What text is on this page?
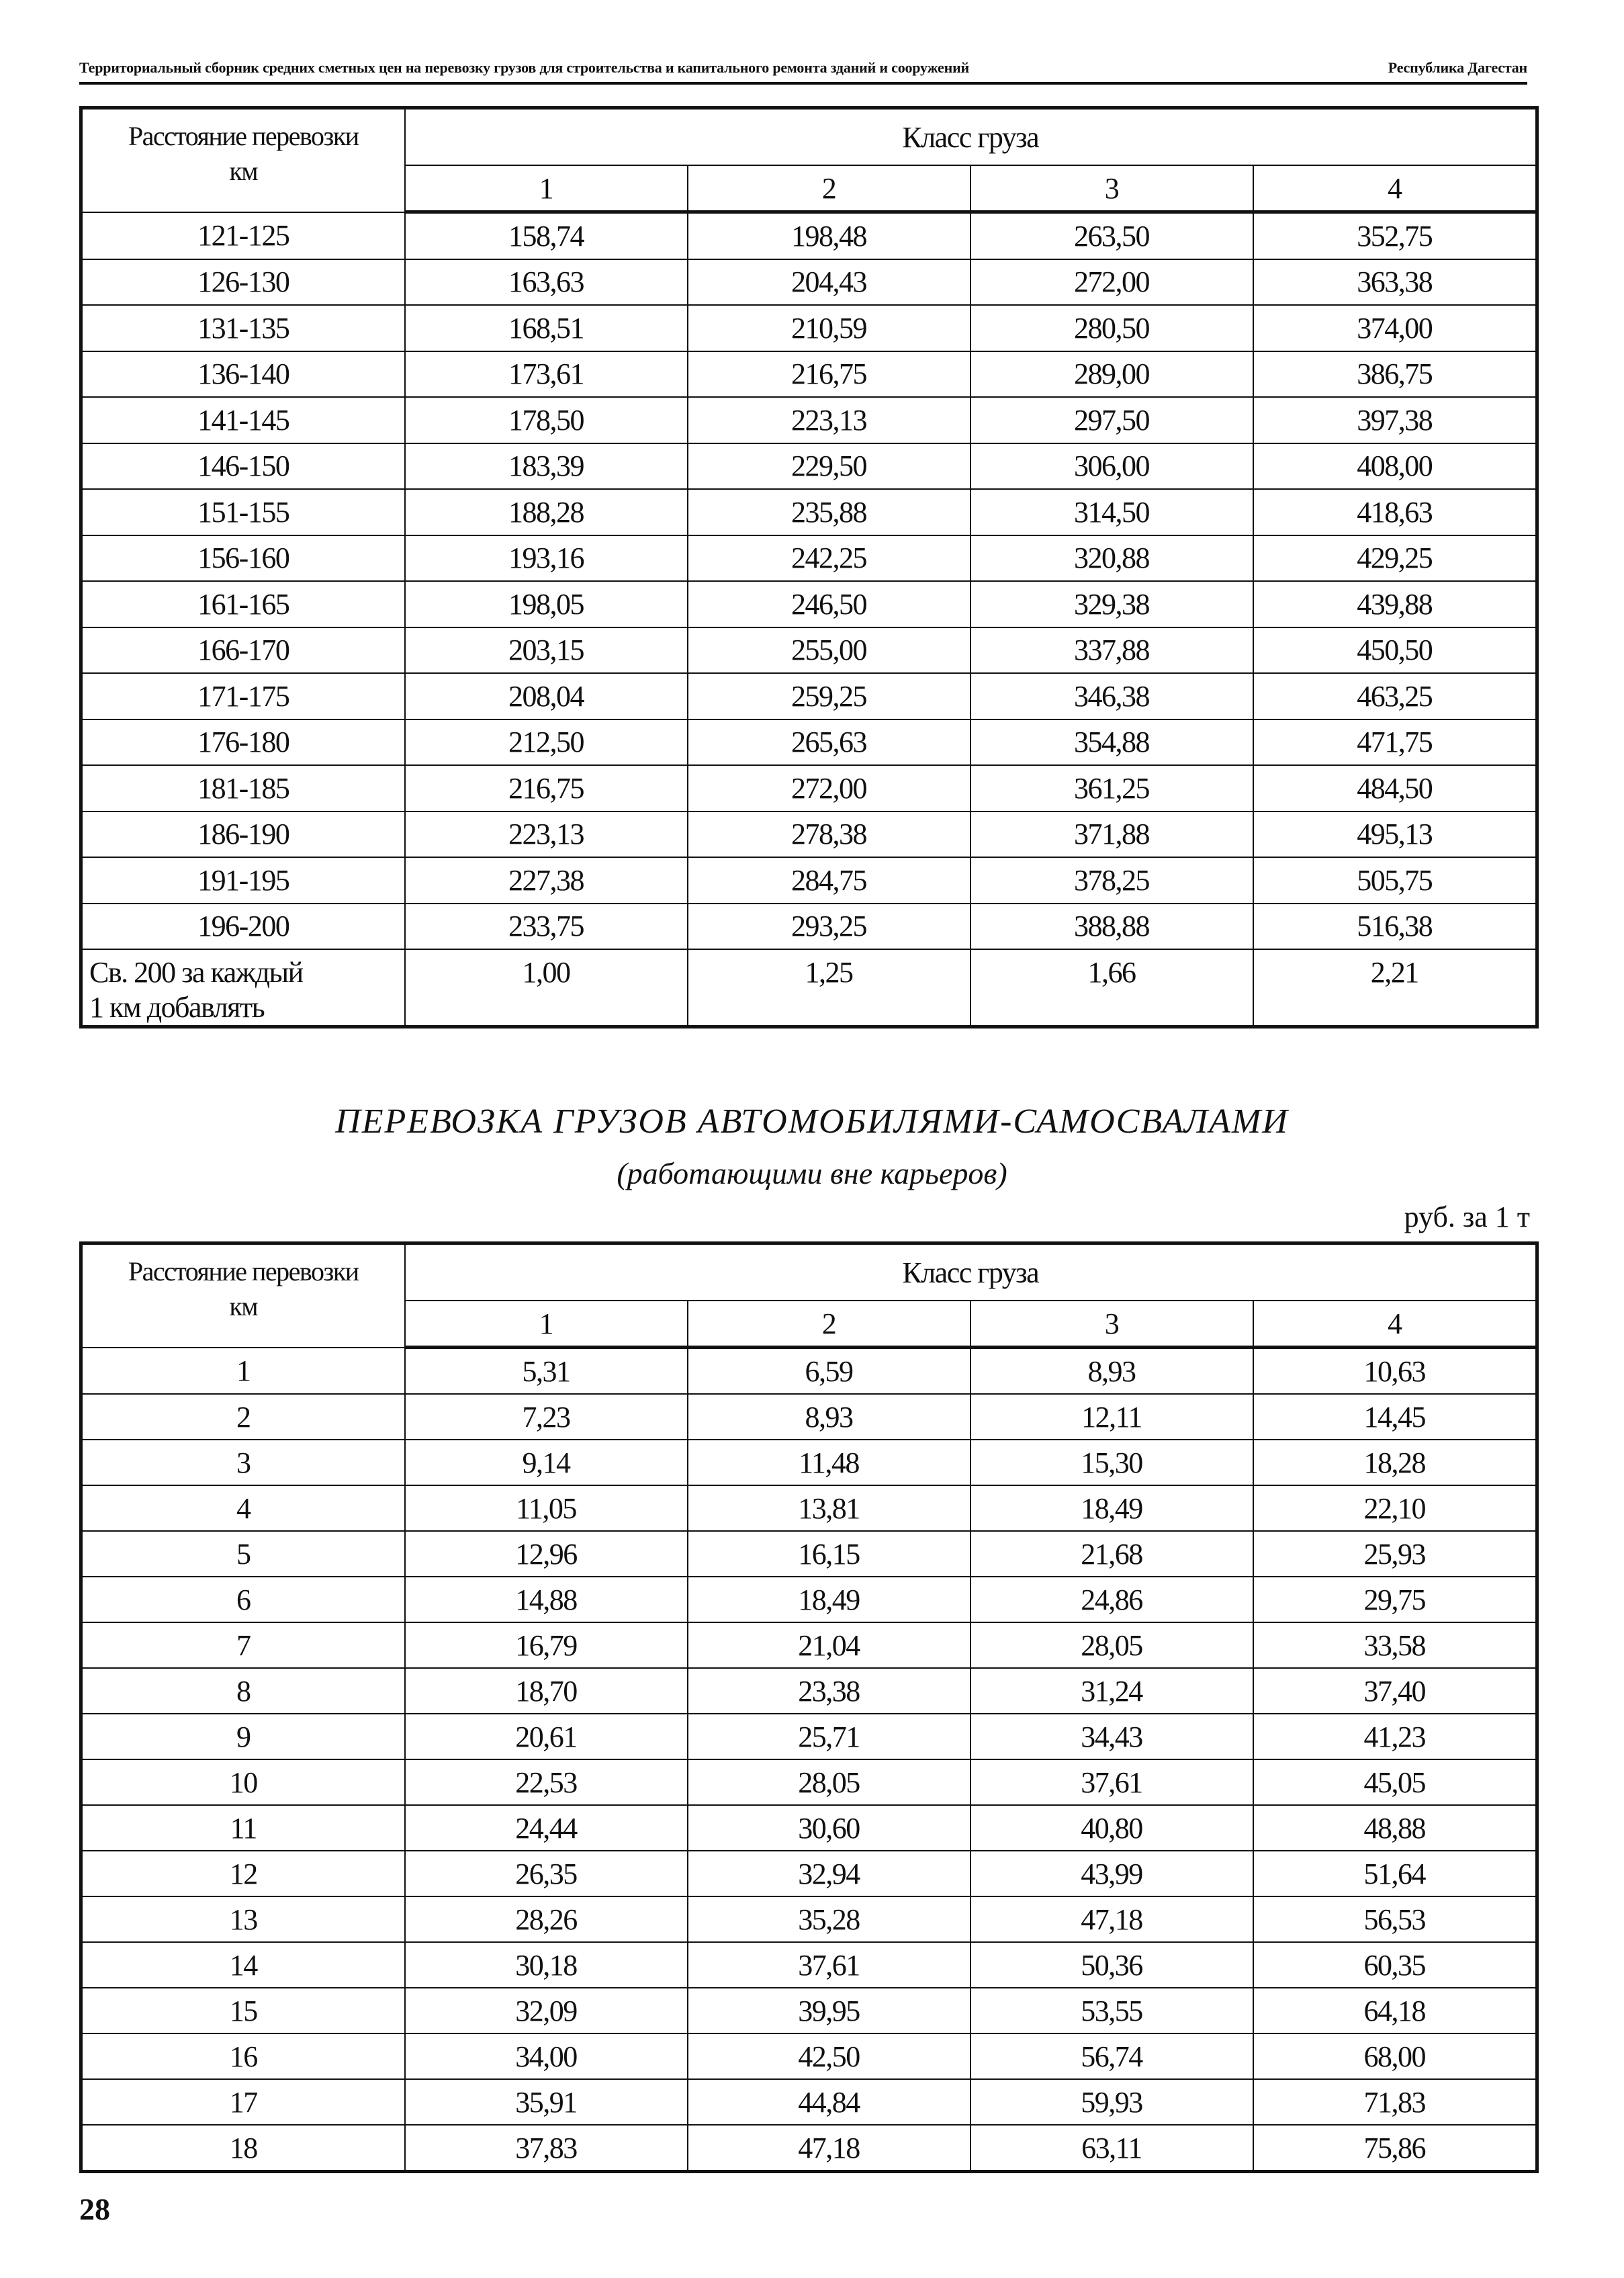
Территориальный сборник средних сметных цен на перевозку грузов для строительства и капитального ремонта зданий и сооружений	Республика Дагестан
Расстояние перевозки
км	Класс груза			
	1	2	3	4
121-125	158,74	198,48	263,50	352,75
126-130	163,63	204,43	272,00	363,38
131-135	168,51	210,59	280,50	374,00
136-140	173,61	216,75	289,00	386,75
141-145	178,50	223,13	297,50	397,38
146-150	183,39	229,50	306,00	408,00
151-155	188,28	235,88	314,50	418,63
156-160	193,16	242,25	320,88	429,25
161-165	198,05	246,50	329,38	439,88
166-170	203,15	255,00	337,88	450,50
171-175	208,04	259,25	346,38	463,25
176-180	212,50	265,63	354,88	471,75
181-185	216,75	272,00	361,25	484,50
186-190	223,13	278,38	371,88	495,13
191-195	227,38	284,75	378,25	505,75
196-200	233,75	293,25	388,88	516,38
Св. 200 за каждый
1 км добавлять	1,00	1,25	1,66	2,21
ПЕРЕВОЗКА ГРУЗОВ АВТОМОБИЛЯМИ-САМОСВАЛАМИ
(работающими вне карьеров)
руб. за 1 т
Расстояние перевозки
км	Класс груза			
	1	2	3	4
1	5,31	6,59	8,93	10,63
2	7,23	8,93	12,11	14,45
3	9,14	11,48	15,30	18,28
4	11,05	13,81	18,49	22,10
5	12,96	16,15	21,68	25,93
6	14,88	18,49	24,86	29,75
7	16,79	21,04	28,05	33,58
8	18,70	23,38	31,24	37,40
9	20,61	25,71	34,43	41,23
10	22,53	28,05	37,61	45,05
11	24,44	30,60	40,80	48,88
12	26,35	32,94	43,99	51,64
13	28,26	35,28	47,18	56,53
14	30,18	37,61	50,36	60,35
15	32,09	39,95	53,55	64,18
16	34,00	42,50	56,74	68,00
17	35,91	44,84	59,93	71,83
18	37,83	47,18	63,11	75,86
28
